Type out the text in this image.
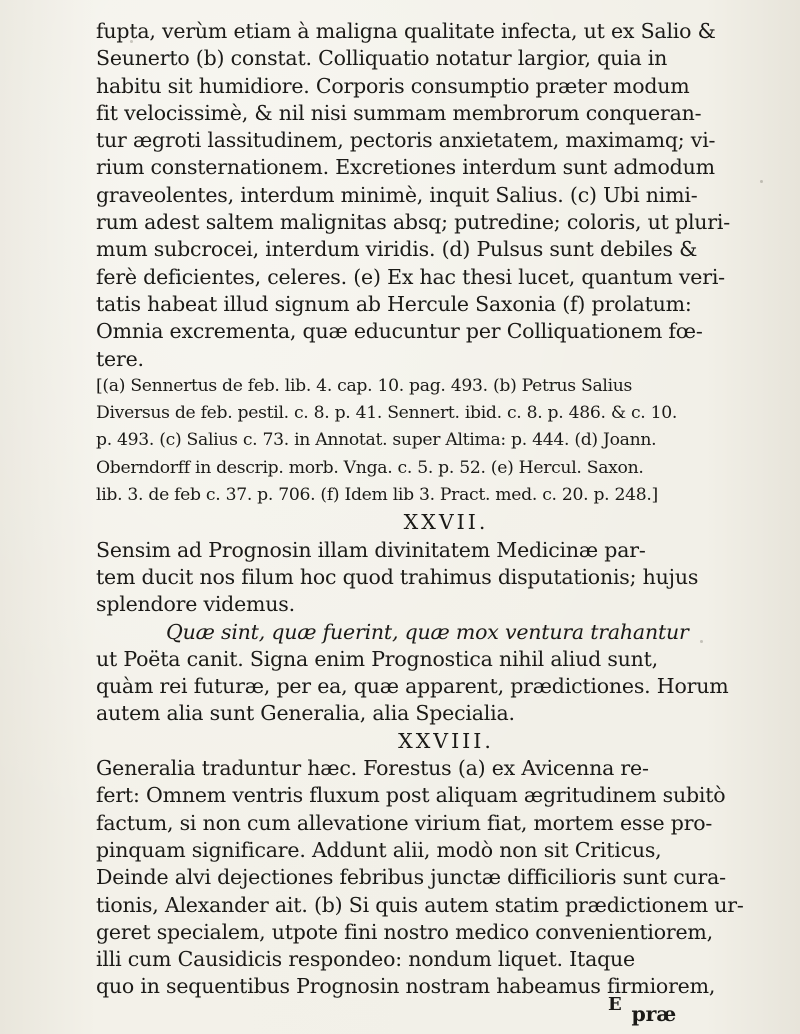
fupta, verùm etiam à maligna qualitate infecta, ut ex Salio &
Seunerto (b) constat. Colliquatio notatur largior, quia in
habitu sit humidiore. Corporis consumptio præter modum
fit velocissimè, & nil nisi summam membrorum conqueran-
tur ægroti lassitudinem, pectoris anxietatem, maximamq; vi-
rium consternationem. Excretiones interdum sunt admodum
graveolentes, interdum minimè, inquit Salius. (c) Ubi nimi-
rum adest saltem malignitas absq; putredine; coloris, ut pluri-
mum subcrocei, interdum viridis. (d) Pulsus sunt debiles &
ferè deficientes, celeres. (e) Ex hac thesi lucet, quantum veri-
tatis habeat illud signum ab Hercule Saxonia (f) prolatum:
Omnia excrementa, quæ educuntur per Colliquationem fœ-
tere.
[(a) Sennertus de feb. lib. 4. cap. 10. pag. 493. (b) Petrus Salius
Diversus de feb. pestil. c. 8. p. 41. Sennert. ibid. c. 8. p. 486. & c. 10.
p. 493. (c) Salius c. 73. in Annotat. super Altima: p. 444. (d) Joann.
Oberndorff in descrip. morb. Vnga. c. 5. p. 52. (e) Hercul. Saxon.
lib. 3. de feb c. 37. p. 706. (f) Idem lib 3. Pract. med. c. 20. p. 248.]
XXVII.
Sensim ad Prognosin illam divinitatem Medicinæ par-
tem ducit nos filum hoc quod trahimus disputationis; hujus
splendore videmus.
Quæ sint, quæ fuerint, quæ mox ventura trahantur
ut Poëta canit. Signa enim Prognostica nihil aliud sunt,
quàm rei futuræ, per ea, quæ apparent, prædictiones. Horum
autem alia sunt Generalia, alia Specialia.
XXVIII.
Generalia traduntur hæc. Forestus (a) ex Avicenna re-
fert: Omnem ventris fluxum post aliquam ægritudinem subitò
factum, si non cum allevatione virium fiat, mortem esse pro-
pinquam significare. Addunt alii, modò non sit Criticus,
Deinde alvi dejectiones febribus junctæ difficilioris sunt cura-
tionis, Alexander ait. (b) Si quis autem statim prædictionem ur-
geret specialem, utpote fini nostro medico convenientiorem,
illi cum Causidicis respondeo: nondum liquet. Itaque
quo in sequentibus Prognosin nostram habeamus firmiorem,
præ
E
